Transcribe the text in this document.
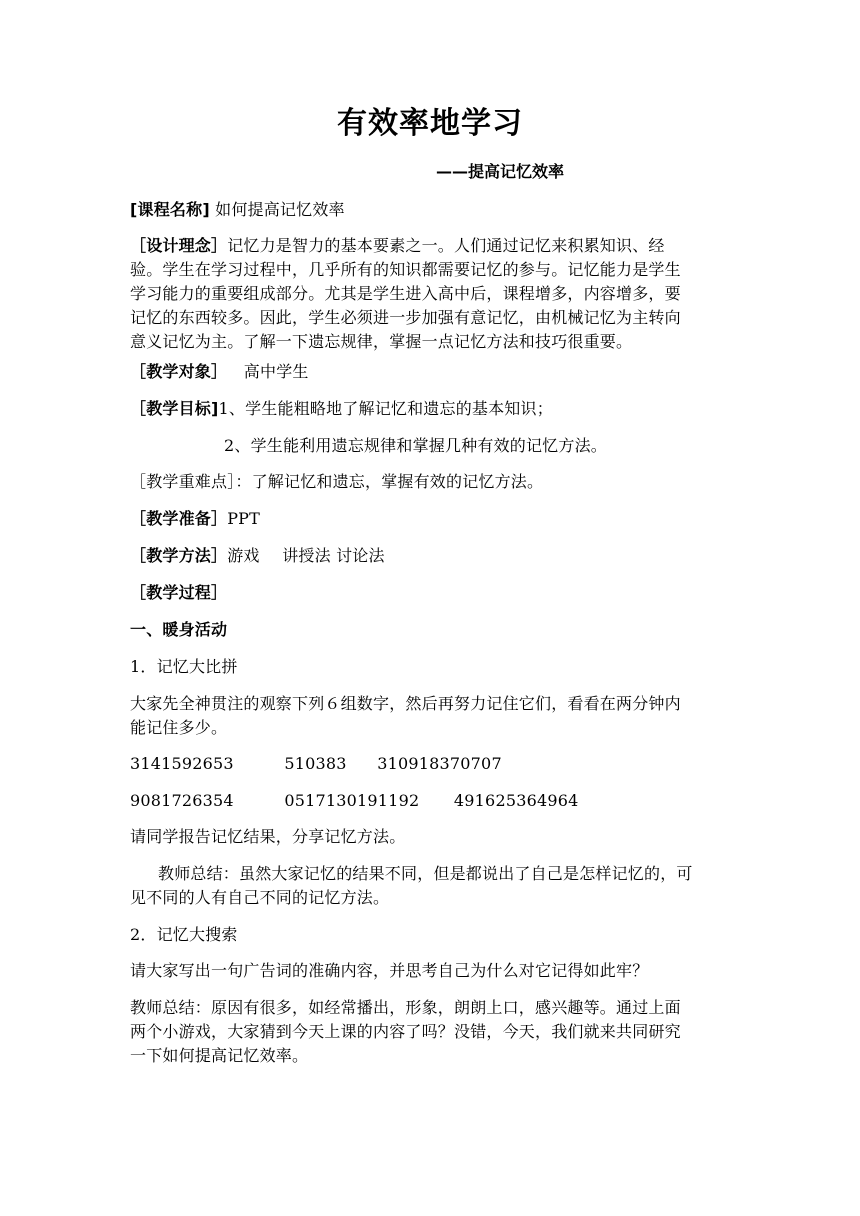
有效率地学习
——提高记忆效率
[课程名称] 如何提高记忆效率
［设计理念］记忆力是智力的基本要素之一。人们通过记忆来积累知识、经
验。学生在学习过程中，几乎所有的知识都需要记忆的参与。记忆能力是学生
学习能力的重要组成部分。尤其是学生进入高中后，课程增多，内容增多，要
记忆的东西较多。因此，学生必须进一步加强有意记忆，由机械记忆为主转向
意义记忆为主。了解一下遗忘规律，掌握一点记忆方法和技巧很重要。
［教学对象］ 高中学生
［教学目标]1、学生能粗略地了解记忆和遗忘的基本知识；
2、学生能利用遗忘规律和掌握几种有效的记忆方法。
［教学重难点］：了解记忆和遗忘，掌握有效的记忆方法。
［教学准备］PPT
［教学方法］游戏 讲授法 讨论法
［教学过程］
一、暖身活动
1．记忆大比拼
大家先全神贯注的观察下列６组数字，然后再努力记住它们，看看在两分钟内
能记住多少。
3141592653	510383 310918370707
9081726354	0517130191192 491625364964
请同学报告记忆结果，分享记忆方法。
教师总结：虽然大家记忆的结果不同，但是都说出了自己是怎样记忆的，可
见不同的人有自己不同的记忆方法。
2．记忆大搜索
请大家写出一句广告词的准确内容，并思考自己为什么对它记得如此牢？
教师总结：原因有很多，如经常播出，形象，朗朗上口，感兴趣等。通过上面
两个小游戏，大家猜到今天上课的内容了吗？没错，今天，我们就来共同研究
一下如何提高记忆效率。
